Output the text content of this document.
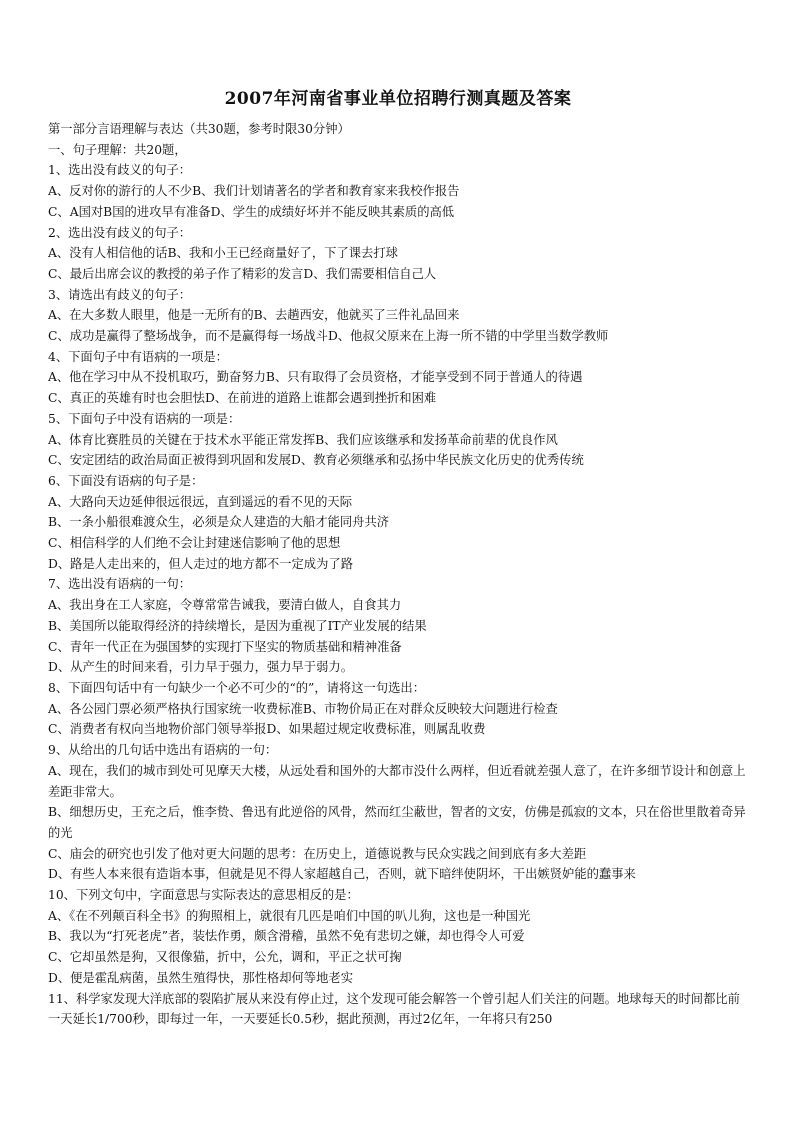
2007年河南省事业单位招聘行测真题及答案
第一部分言语理解与表达（共30题，参考时限30分钟）
一、句子理解：共20题，
1、选出没有歧义的句子：
A、反对你的游行的人不少B、我们计划请著名的学者和教育家来我校作报告
C、A国对B国的进攻早有准备D、学生的成绩好坏并不能反映其素质的高低
2、选出没有歧义的句子：
A、没有人相信他的话B、我和小王已经商量好了，下了课去打球
C、最后出席会议的教授的弟子作了精彩的发言D、我们需要相信自己人
3、请选出有歧义的句子：
A、在大多数人眼里，他是一无所有的B、去趟西安，他就买了三件礼品回来
C、成功是赢得了整场战争，而不是赢得每一场战斗D、他叔父原来在上海一所不错的中学里当数学教师
4、下面句子中有语病的一项是：
A、他在学习中从不投机取巧，勤奋努力B、只有取得了会员资格，才能享受到不同于普通人的待遇
C、真正的英雄有时也会胆怯D、在前进的道路上谁都会遇到挫折和困难
5、下面句子中没有语病的一项是：
A、体育比赛胜员的关键在于技术水平能正常发挥B、我们应该继承和发扬革命前辈的优良作风
C、安定团结的政治局面正被得到巩固和发展D、教育必须继承和弘扬中华民族文化历史的优秀传统
6、下面没有语病的句子是：
A、大路向天边延伸很远很远，直到遥远的看不见的天际
B、一条小船很难渡众生，必须是众人建造的大船才能同舟共济
C、相信科学的人们绝不会让封建迷信影响了他的思想
D、路是人走出来的，但人走过的地方都不一定成为了路
7、选出没有语病的一句：
A、我出身在工人家庭，令尊常常告诫我，要清白做人，自食其力
B、美国所以能取得经济的持续增长，是因为重视了IT产业发展的结果
C、青年一代正在为强国梦的实现打下坚实的物质基础和精神准备
D、从产生的时间来看，引力早于强力，强力早于弱力。
8、下面四句话中有一句缺少一个必不可少的“的”，请将这一句选出：
A、各公园门票必须严格执行国家统一收费标准B、市物价局正在对群众反映较大问题进行检查
C、消费者有权向当地物价部门领导举报D、如果超过规定收费标准，则属乱收费
9、从给出的几句话中选出有语病的一句：
A、现在，我们的城市到处可见摩天大楼，从远处看和国外的大都市没什么两样，但近看就差强人意了，在许多细节设计和创意上差距非常大。
B、细想历史，王充之后，惟李贽、鲁迅有此逆俗的风骨，然而红尘蔽世，智者的文安，仿佛是孤寂的文本，只在俗世里散着奇异的光
C、庙会的研究也引发了他对更大问题的思考：在历史上，道德说教与民众实践之间到底有多大差距
D、有些人本来很有造诣本事，但就是见不得人家超越自己，否则，就下暗绊使阴坏，干出嫉贤妒能的蠢事来
10、下列文句中，字面意思与实际表达的意思相反的是：
A、《在不列颠百科全书》的狗照相上，就很有几匹是咱们中国的叭儿狗，这也是一种国光
B、我以为“打死老虎”者，装怯作勇，颇含滑稽，虽然不免有悲切之嫌，却也得令人可爱
C、它却虽然是狗，又很像猫，折中，公允，调和，平正之状可掬
D、便是霍乱病菌，虽然生殖得快，那性格却何等地老实
11、科学家发现大洋底部的裂陷扩展从来没有停止过，这个发现可能会解答一个曾引起人们关注的问题。地球每天的时间都比前一天延长1/700秒，即每过一年，一天要延长0.5秒，据此预测，再过2亿年，一年将只有250
